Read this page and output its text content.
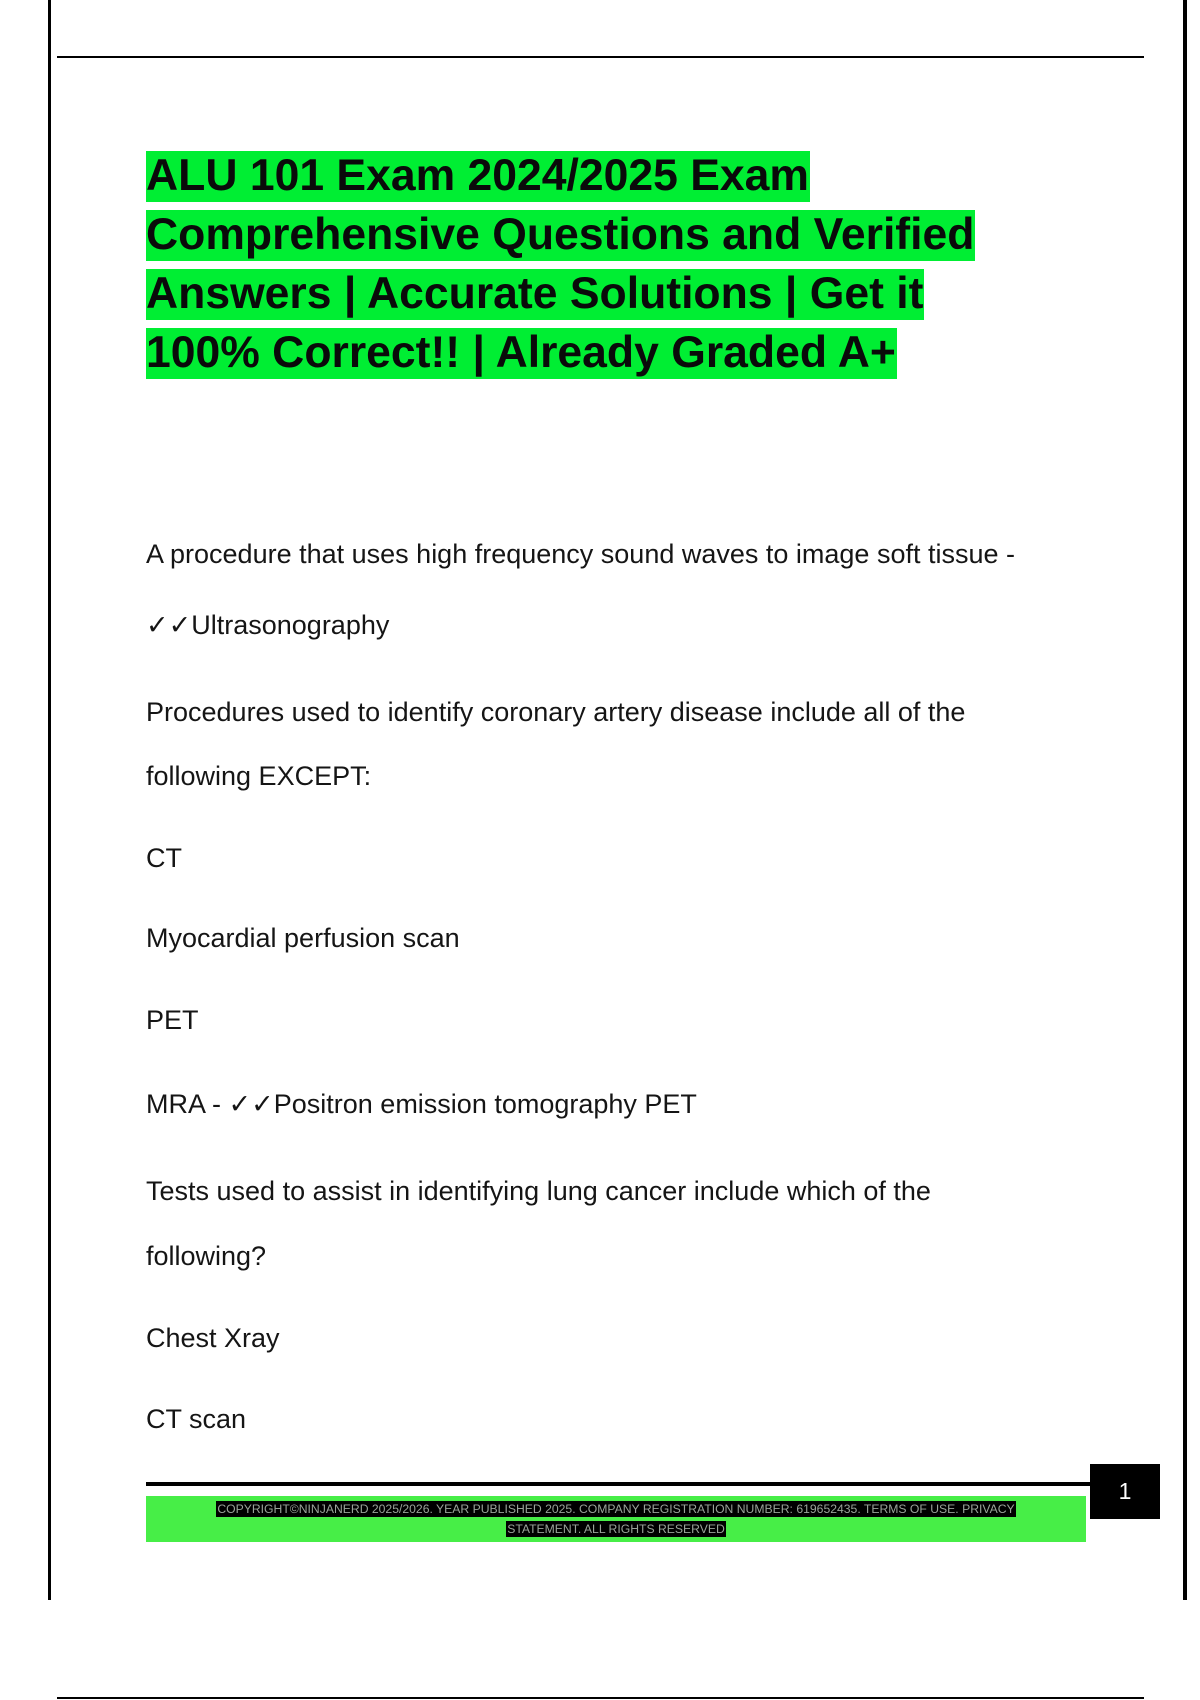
ALU 101 Exam 2024/2025 Exam
Comprehensive Questions and Verified
Answers | Accurate Solutions | Get it
100% Correct!! | Already Graded A+
A procedure that uses high frequency sound waves to image soft tissue -
✓✓Ultrasonography
Procedures used to identify coronary artery disease include all of the
following EXCEPT:
CT
Myocardial perfusion scan
PET
MRA - ✓✓Positron emission tomography PET
Tests used to assist in identifying lung cancer include which of the
following?
Chest Xray
CT scan
1
COPYRIGHT©NINJANERD 2025/2026. YEAR PUBLISHED 2025. COMPANY REGISTRATION NUMBER: 619652435. TERMS OF USE. PRIVACY
STATEMENT. ALL RIGHTS RESERVED
